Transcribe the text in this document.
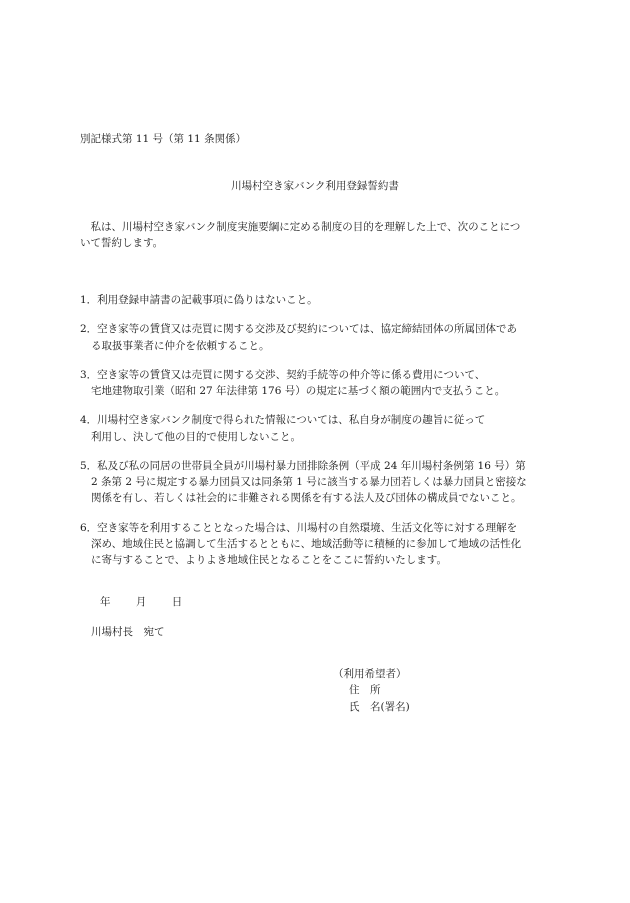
別記様式第 11 号（第 11 条関係）
川場村空き家バンク利用登録誓約書
　私は、川場村空き家バンク制度実施要綱に定める制度の目的を理解した上で、次のことにつ
いて誓約します。
1．利用登録申請書の記載事項に偽りはないこと。
2．空き家等の賃貸又は売買に関する交渉及び契約については、協定締結団体の所属団体であ
る取扱事業者に仲介を依頼すること。
3．空き家等の賃貸又は売買に関する交渉、契約手続等の仲介等に係る費用について、
宅地建物取引業（昭和 27 年法律第 176 号）の規定に基づく額の範囲内で支払うこと。
4．川場村空き家バンク制度で得られた情報については、私自身が制度の趣旨に従って
利用し、決して他の目的で使用しないこと。
5．私及び私の同居の世帯員全員が川場村暴力団排除条例（平成 24 年川場村条例第 16 号）第
2 条第 2 号に規定する暴力団員又は同条第 1 号に該当する暴力団若しくは暴力団員と密接な
関係を有し、若しくは社会的に非難される関係を有する法人及び団体の構成員でないこと。
6．空き家等を利用することとなった場合は、川場村の自然環境、生活文化等に対する理解を
深め、地域住民と協調して生活するとともに、地域活動等に積極的に参加して地域の活性化
に寄与することで、よりよき地域住民となることをここに誓約いたします。
年 月 日
川場村長　宛て
（利用希望者）
住　所
氏　名(署名)
